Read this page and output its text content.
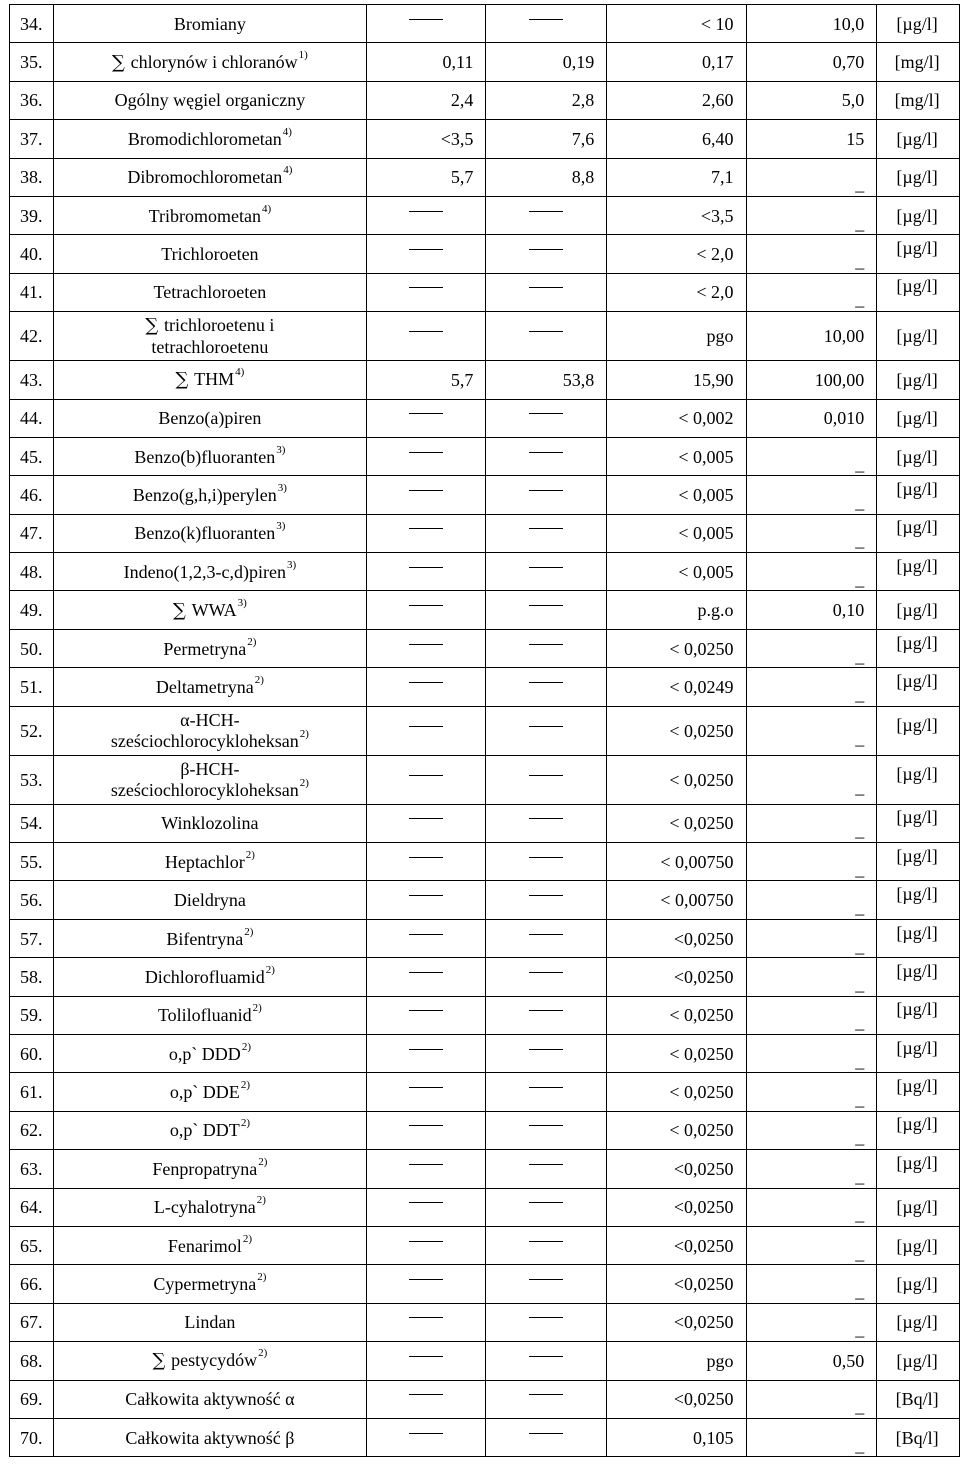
34.	Bromiany			< 10	10,0	[µg/l]
35.	∑ chlorynów i chloranów$^{1)}$	0,11	0,19	0,17	0,70	[mg/l]
36.	Ogólny węgiel organiczny	2,4	2,8	2,60	5,0	[mg/l]
37.	Bromodichlorometan$^{4)}$	<3,5	7,6	6,40	15	[µg/l]
38.	Dibromochlorometan$^{4)}$	5,7	8,8	7,1	_	[µg/l]
39.	Tribromometan$^{4)}$			<3,5	_	[µg/l]
40.	Trichloroeten			< 2,0	_	[µg/l]
41.	Tetrachloroeten			< 2,0	_	[µg/l]
42.	∑ trichloroetenu i
tetrachloroetenu			pgo	10,00	[µg/l]
43.	∑ THM$^{4)}$	5,7	53,8	15,90	100,00	[µg/l]
44.	Benzo(a)piren			< 0,002	0,010	[µg/l]
45.	Benzo(b)fluoranten$^{3)}$			< 0,005	_	[µg/l]
46.	Benzo(g,h,i)perylen$^{3)}$			< 0,005	_	[µg/l]
47.	Benzo(k)fluoranten$^{3)}$			< 0,005	_	[µg/l]
48.	Indeno(1,2,3-c,d)piren$^{3)}$			< 0,005	_	[µg/l]
49.	∑ WWA$^{3)}$			p.g.o	0,10	[µg/l]
50.	Permetryna$^{2)}$			< 0,0250	_	[µg/l]
51.	Deltametryna$^{2)}$			< 0,0249	_	[µg/l]
52.	α-HCH-
sześciochlorocykloheksan$^{2)}$			< 0,0250	_	[µg/l]
53.	β-HCH-
sześciochlorocykloheksan$^{2)}$			< 0,0250	_	[µg/l]
54.	Winklozolina			< 0,0250	_	[µg/l]
55.	Heptachlor$^{2)}$			< 0,00750	_	[µg/l]
56.	Dieldryna			< 0,00750	_	[µg/l]
57.	Bifentryna$^{2)}$			<0,0250	_	[µg/l]
58.	Dichlorofluamid$^{2)}$			<0,0250	_	[µg/l]
59.	Tolilofluanid$^{2)}$			< 0,0250	_	[µg/l]
60.	o,p` DDD$^{2)}$			< 0,0250	_	[µg/l]
61.	o,p` DDE$^{2)}$			< 0,0250	_	[µg/l]
62.	o,p` DDT$^{2)}$			< 0,0250	_	[µg/l]
63.	Fenpropatryna$^{2)}$			<0,0250	_	[µg/l]
64.	L-cyhalotryna$^{2)}$			<0,0250	_	[µg/l]
65.	Fenarimol$^{2)}$			<0,0250	_	[µg/l]
66.	Cypermetryna$^{2)}$			<0,0250	_	[µg/l]
67.	Lindan			<0,0250	_	[µg/l]
68.	∑ pestycydów$^{2)}$			pgo	0,50	[µg/l]
69.	Całkowita aktywność α			<0,0250	_	[Bq/l]
70.	Całkowita aktywność β			0,105	_	[Bq/l]
